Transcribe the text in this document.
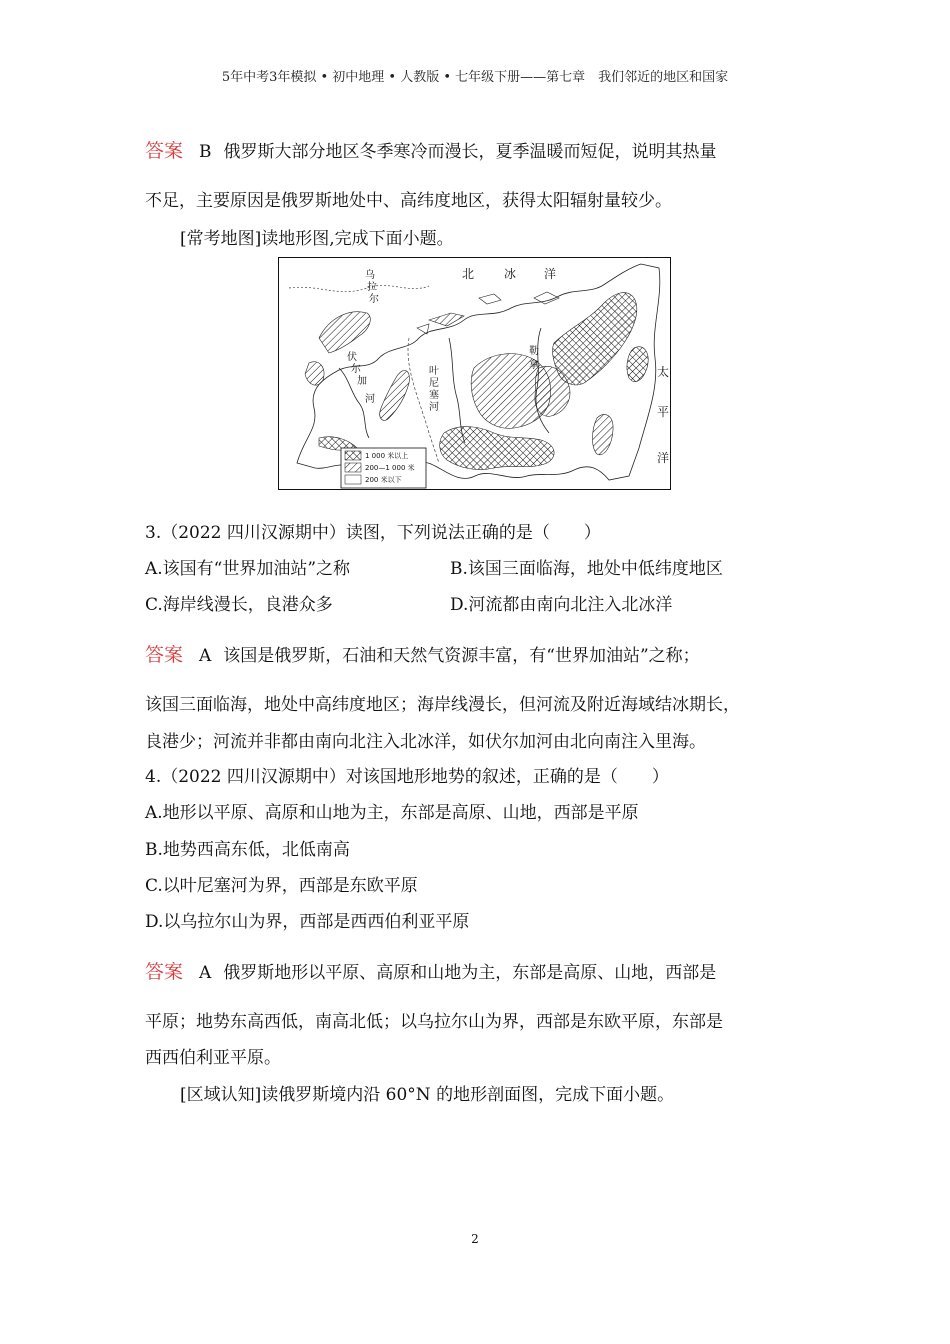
5年中考3年模拟 • 初中地理 • 人教版 • 七年级下册——第七章　我们邻近的地区和国家
答案 B 俄罗斯大部分地区冬季寒冷而漫长，夏季温暖而短促，说明其热量
不足，主要原因是俄罗斯地处中、高纬度地区，获得太阳辐射量较少。
[常考地图]读地形图,完成下面小题。
北 冰 洋
太
平
洋
乌
拉
尔
伏
尔
加
河
叶
尼
塞
河
勒
拿
1 000 米以上
200—1 000 米
200 米以下
3.（2022 四川汉源期中）读图，下列说法正确的是（　　）
A.该国有“世界加油站”之称	B.该国三面临海，地处中低纬度地区
C.海岸线漫长，良港众多	D.河流都由南向北注入北冰洋
答案 A 该国是俄罗斯，石油和天然气资源丰富，有“世界加油站”之称；
该国三面临海，地处中高纬度地区；海岸线漫长，但河流及附近海域结冰期长，
良港少；河流并非都由南向北注入北冰洋，如伏尔加河由北向南注入里海。
4.（2022 四川汉源期中）对该国地形地势的叙述，正确的是（　　）
A.地形以平原、高原和山地为主，东部是高原、山地，西部是平原
B.地势西高东低，北低南高
C.以叶尼塞河为界，西部是东欧平原
D.以乌拉尔山为界，西部是西西伯利亚平原
答案 A 俄罗斯地形以平原、高原和山地为主，东部是高原、山地，西部是
平原；地势东高西低，南高北低；以乌拉尔山为界，西部是东欧平原，东部是
西西伯利亚平原。
[区域认知]读俄罗斯境内沿 60°N 的地形剖面图，完成下面小题。
2
